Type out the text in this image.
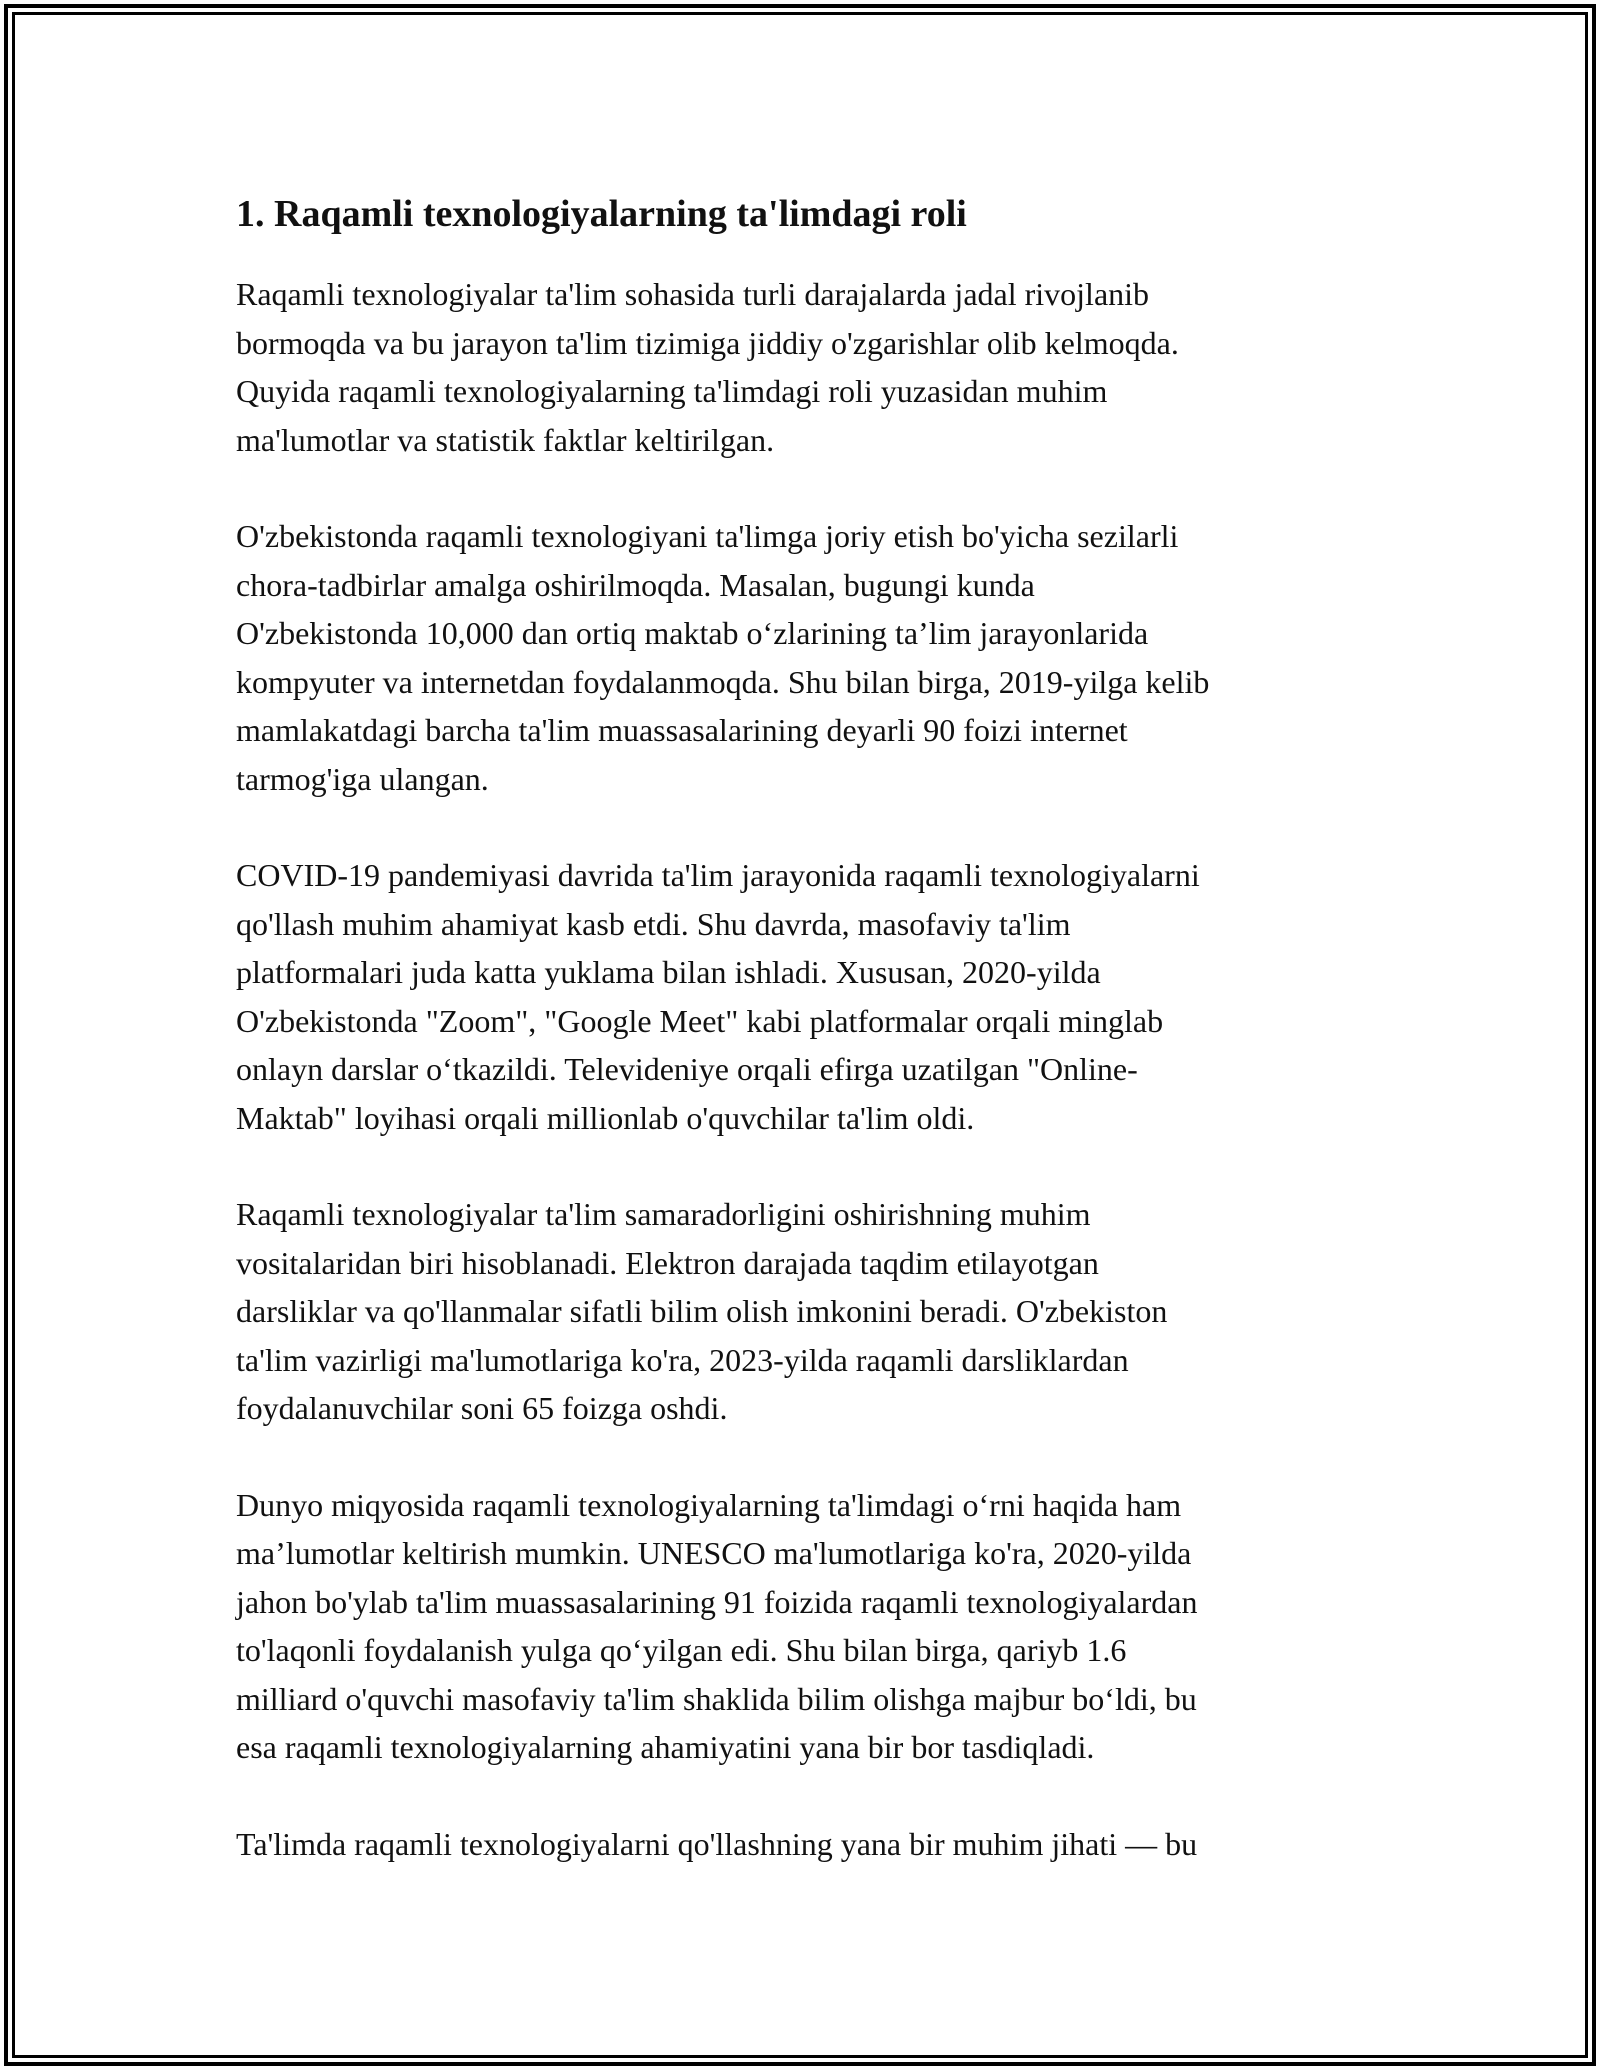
1. Raqamli texnologiyalarning ta'limdagi roli

Raqamli texnologiyalar ta'lim sohasida turli darajalarda jadal rivojlanib
bormoqda va bu jarayon ta'lim tizimiga jiddiy o'zgarishlar olib kelmoqda.
Quyida raqamli texnologiyalarning ta'limdagi roli yuzasidan muhim
ma'lumotlar va statistik faktlar keltirilgan.

O'zbekistonda raqamli texnologiyani ta'limga joriy etish bo'yicha sezilarli
chora-tadbirlar amalga oshirilmoqda. Masalan, bugungi kunda
O'zbekistonda 10,000 dan ortiq maktab o‘zlarining ta’lim jarayonlarida
kompyuter va internetdan foydalanmoqda. Shu bilan birga, 2019-yilga kelib
mamlakatdagi barcha ta'lim muassasalarining deyarli 90 foizi internet
tarmog'iga ulangan.

COVID-19 pandemiyasi davrida ta'lim jarayonida raqamli texnologiyalarni
qo'llash muhim ahamiyat kasb etdi. Shu davrda, masofaviy ta'lim
platformalari juda katta yuklama bilan ishladi. Xususan, 2020-yilda
O'zbekistonda "Zoom", "Google Meet" kabi platformalar orqali minglab
onlayn darslar o‘tkazildi. Televideniye orqali efirga uzatilgan "Online-
Maktab" loyihasi orqali millionlab o'quvchilar ta'lim oldi.

Raqamli texnologiyalar ta'lim samaradorligini oshirishning muhim
vositalaridan biri hisoblanadi. Elektron darajada taqdim etilayotgan
darsliklar va qo'llanmalar sifatli bilim olish imkonini beradi. O'zbekiston
ta'lim vazirligi ma'lumotlariga ko'ra, 2023-yilda raqamli darsliklardan
foydalanuvchilar soni 65 foizga oshdi.

Dunyo miqyosida raqamli texnologiyalarning ta'limdagi o‘rni haqida ham
ma’lumotlar keltirish mumkin. UNESCO ma'lumotlariga ko'ra, 2020-yilda
jahon bo'ylab ta'lim muassasalarining 91 foizida raqamli texnologiyalardan
to'laqonli foydalanish yulga qo‘yilgan edi. Shu bilan birga, qariyb 1.6
milliard o'quvchi masofaviy ta'lim shaklida bilim olishga majbur bo‘ldi, bu
esa raqamli texnologiyalarning ahamiyatini yana bir bor tasdiqladi.

Ta'limda raqamli texnologiyalarni qo'llashning yana bir muhim jihati — bu
